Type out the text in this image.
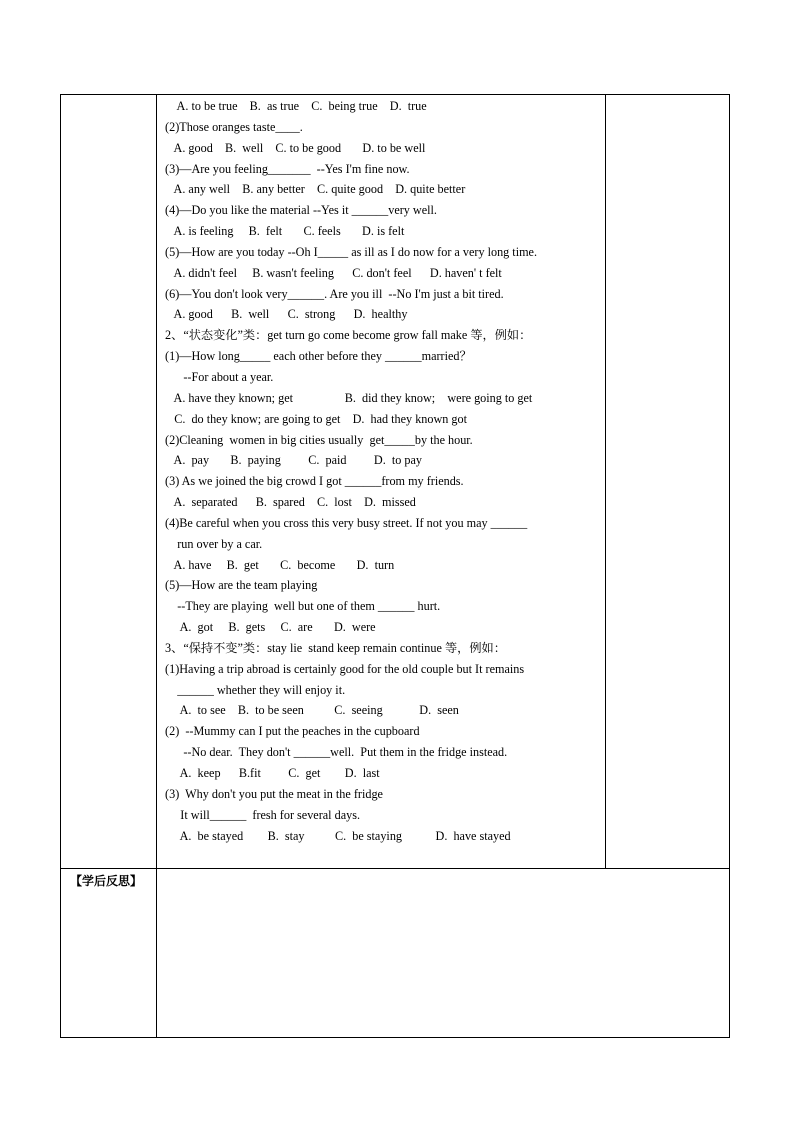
A. to be true    B.  as true    C.  being true    D.  true
(2)Those oranges taste____.
A. good    B.  well    C. to be good       D. to be well
(3)—Are you feeling_______  --Yes I'm fine now.
A. any well    B. any better    C. quite good    D. quite better
(4)—Do you like the material --Yes it ______very well.
A. is feeling     B.  felt       C. feels       D. is felt
(5)—How are you today --Oh I_____ as ill as I do now for a very long time.
A. didn't feel     B. wasn't feeling      C. don't feel      D. haven' t felt
(6)—You don't look very______. Are you ill  --No I'm just a bit tired.
A. good      B.  well      C.  strong      D.  healthy
2、“状态变化”类：get turn go come become grow fall make 等，例如：
(1)—How long_____ each other before they ______married？
--For about a year.
A. have they known; get                 B.  did they know;    were going to get
C.  do they know; are going to get    D.  had they known got
(2)Cleaning  women in big cities usually  get_____by the hour.
A.  pay       B.  paying         C.  paid         D.  to pay
(3) As we joined the big crowd I got ______from my friends.
A.  separated      B.  spared    C.  lost    D.  missed
(4)Be careful when you cross this very busy street. If not you may ______
run over by a car.
A. have     B.  get       C.  become       D.  turn
(5)—How are the team playing
--They are playing  well but one of them ______ hurt.
A.  got     B.  gets     C.  are       D.  were
3、“保持不变”类：stay lie  stand keep remain continue 等，例如：
(1)Having a trip abroad is certainly good for the old couple but It remains
______ whether they will enjoy it.
A.  to see    B.  to be seen          C.  seeing            D.  seen
(2)  --Mummy can I put the peaches in the cupboard
--No dear.  They don't ______well.  Put them in the fridge instead.
A.  keep      B.fit         C.  get        D.  last
(3)  Why don't you put the meat in the fridge
It will______  fresh for several days.
A.  be stayed        B.  stay          C.  be staying           D.  have stayed
【学后反思】
